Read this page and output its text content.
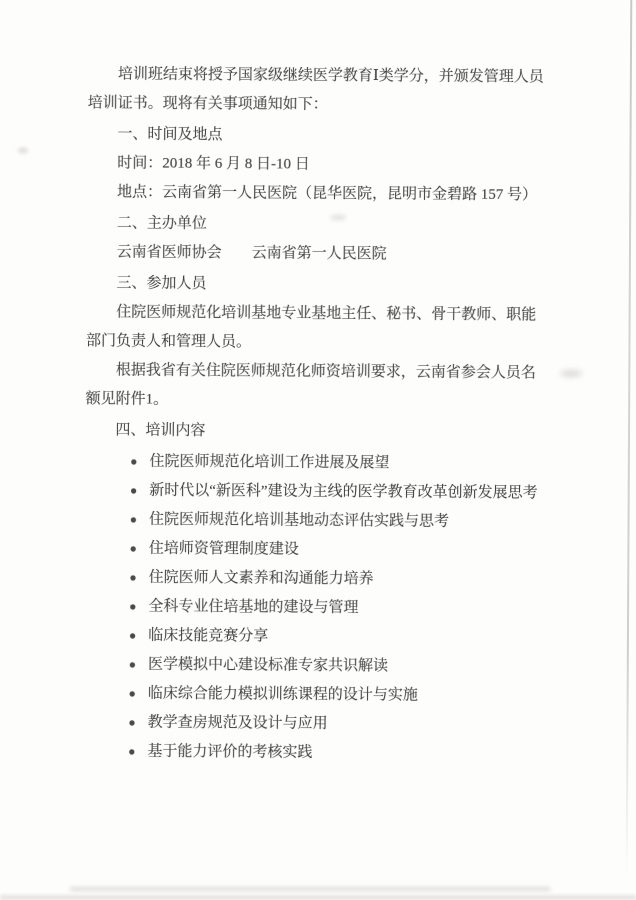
培训班结束将授予国家级继续医学教育Ⅰ类学分，并颁发管理人员培训证书。现将有关事项通知如下：

一、时间及地点

时间：2018 年 6 月 8 日-10 日

地点：云南省第一人民医院（昆华医院，昆明市金碧路 157 号）

二、主办单位

云南省医师协会　　云南省第一人民医院

三、参加人员

住院医师规范化培训基地专业基地主任、秘书、骨干教师、职能部门负责人和管理人员。

根据我省有关住院医师规范化师资培训要求，云南省参会人员名额见附件1。

四、培训内容

● 住院医师规范化培训工作进展及展望
● 新时代以“新医科”建设为主线的医学教育改革创新发展思考
● 住院医师规范化培训基地动态评估实践与思考
● 住培师资管理制度建设
● 住院医师人文素养和沟通能力培养
● 全科专业住培基地的建设与管理
● 临床技能竞赛分享
● 医学模拟中心建设标准专家共识解读
● 临床综合能力模拟训练课程的设计与实施
● 教学查房规范及设计与应用
● 基于能力评价的考核实践
